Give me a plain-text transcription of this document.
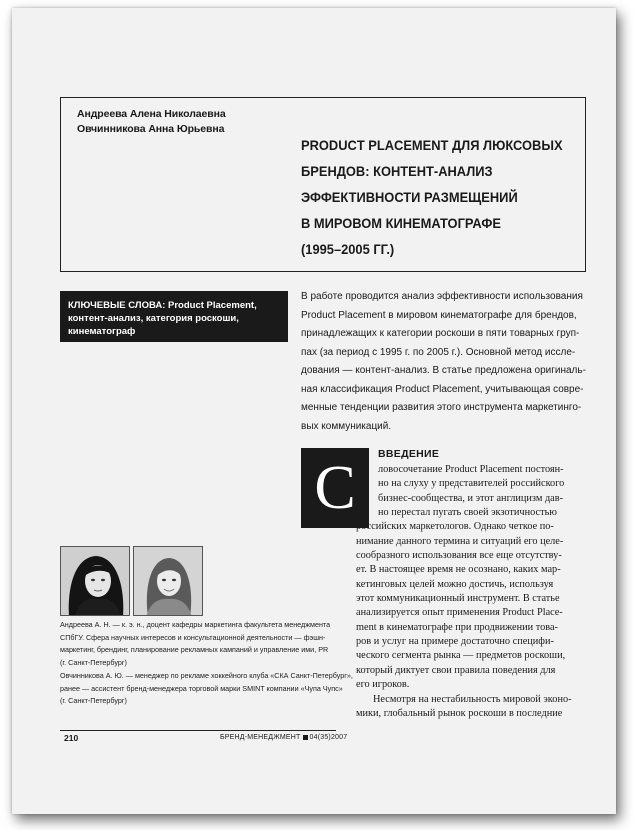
Андреева Алена Николаевна
Овчинникова Анна Юрьевна
PRODUCT PLACEMENT ДЛЯ ЛЮКСОВЫХ
БРЕНДОВ: КОНТЕНТ-АНАЛИЗ
ЭФФЕКТИВНОСТИ РАЗМЕЩЕНИЙ
В МИРОВОМ КИНЕМАТОГРАФЕ
(1995–2005 ГГ.)
КЛЮЧЕВЫЕ СЛОВА: Product Placement, контент-анализ, категория роскоши, кинематограф
В работе проводится анализ эффективности использования
Product Placement в мировом кинематографе для брендов,
принадлежащих к категории роскоши в пяти товарных груп-
пах (за период с 1995 г. по 2005 г.). Основной метод иссле-
дования — контент-анализ. В статье предложена оригиналь-
ная классификация Product Placement, учитывающая совре-
менные тенденции развития этого инструмента маркетинго-
вых коммуникаций.
С	ВВЕДЕНИЕ
ловосочетание Product Placement постоян-
но на слуху у представителей российского
бизнес-сообщества, и этот англицизм дав-
но перестал пугать своей экзотичностью
российских маркетологов. Однако четкое по-
нимание данного термина и ситуаций его целе-
сообразного использования все еще отсутству-
ет. В настоящее время не осознано, каких мар-
кетинговых целей можно достичь, используя
этот коммуникационный инструмент. В статье
анализируется опыт применения Product Place-
ment в кинематографе при продвижении това-
ров и услуг на примере достаточно специфи-
ческого сегмента рынка — предметов роскоши,
который диктует свои правила поведения для
его игроков.
Несмотря на нестабильность мировой эконо-
мики, глобальный рынок роскоши в последние
Андреева А. Н. — к. э. н., доцент кафедры маркетинга факультета менеджмента
СПбГУ. Сфера научных интересов и консультационной деятельности — фэшн-
маркетинг, брендинг, планирование рекламных кампаний и управление ими, PR
(г. Санкт-Петербург)
Овчинникова А. Ю. — менеджер по рекламе хоккейного клуба «СКА Санкт-Петербург»,
ранее — ассистент бренд-менеджера торговой марки SMINT компании «Чупа Чупс»
(г. Санкт-Петербург)
210	БРЕНД-МЕНЕДЖМЕНТ 04(35)2007
